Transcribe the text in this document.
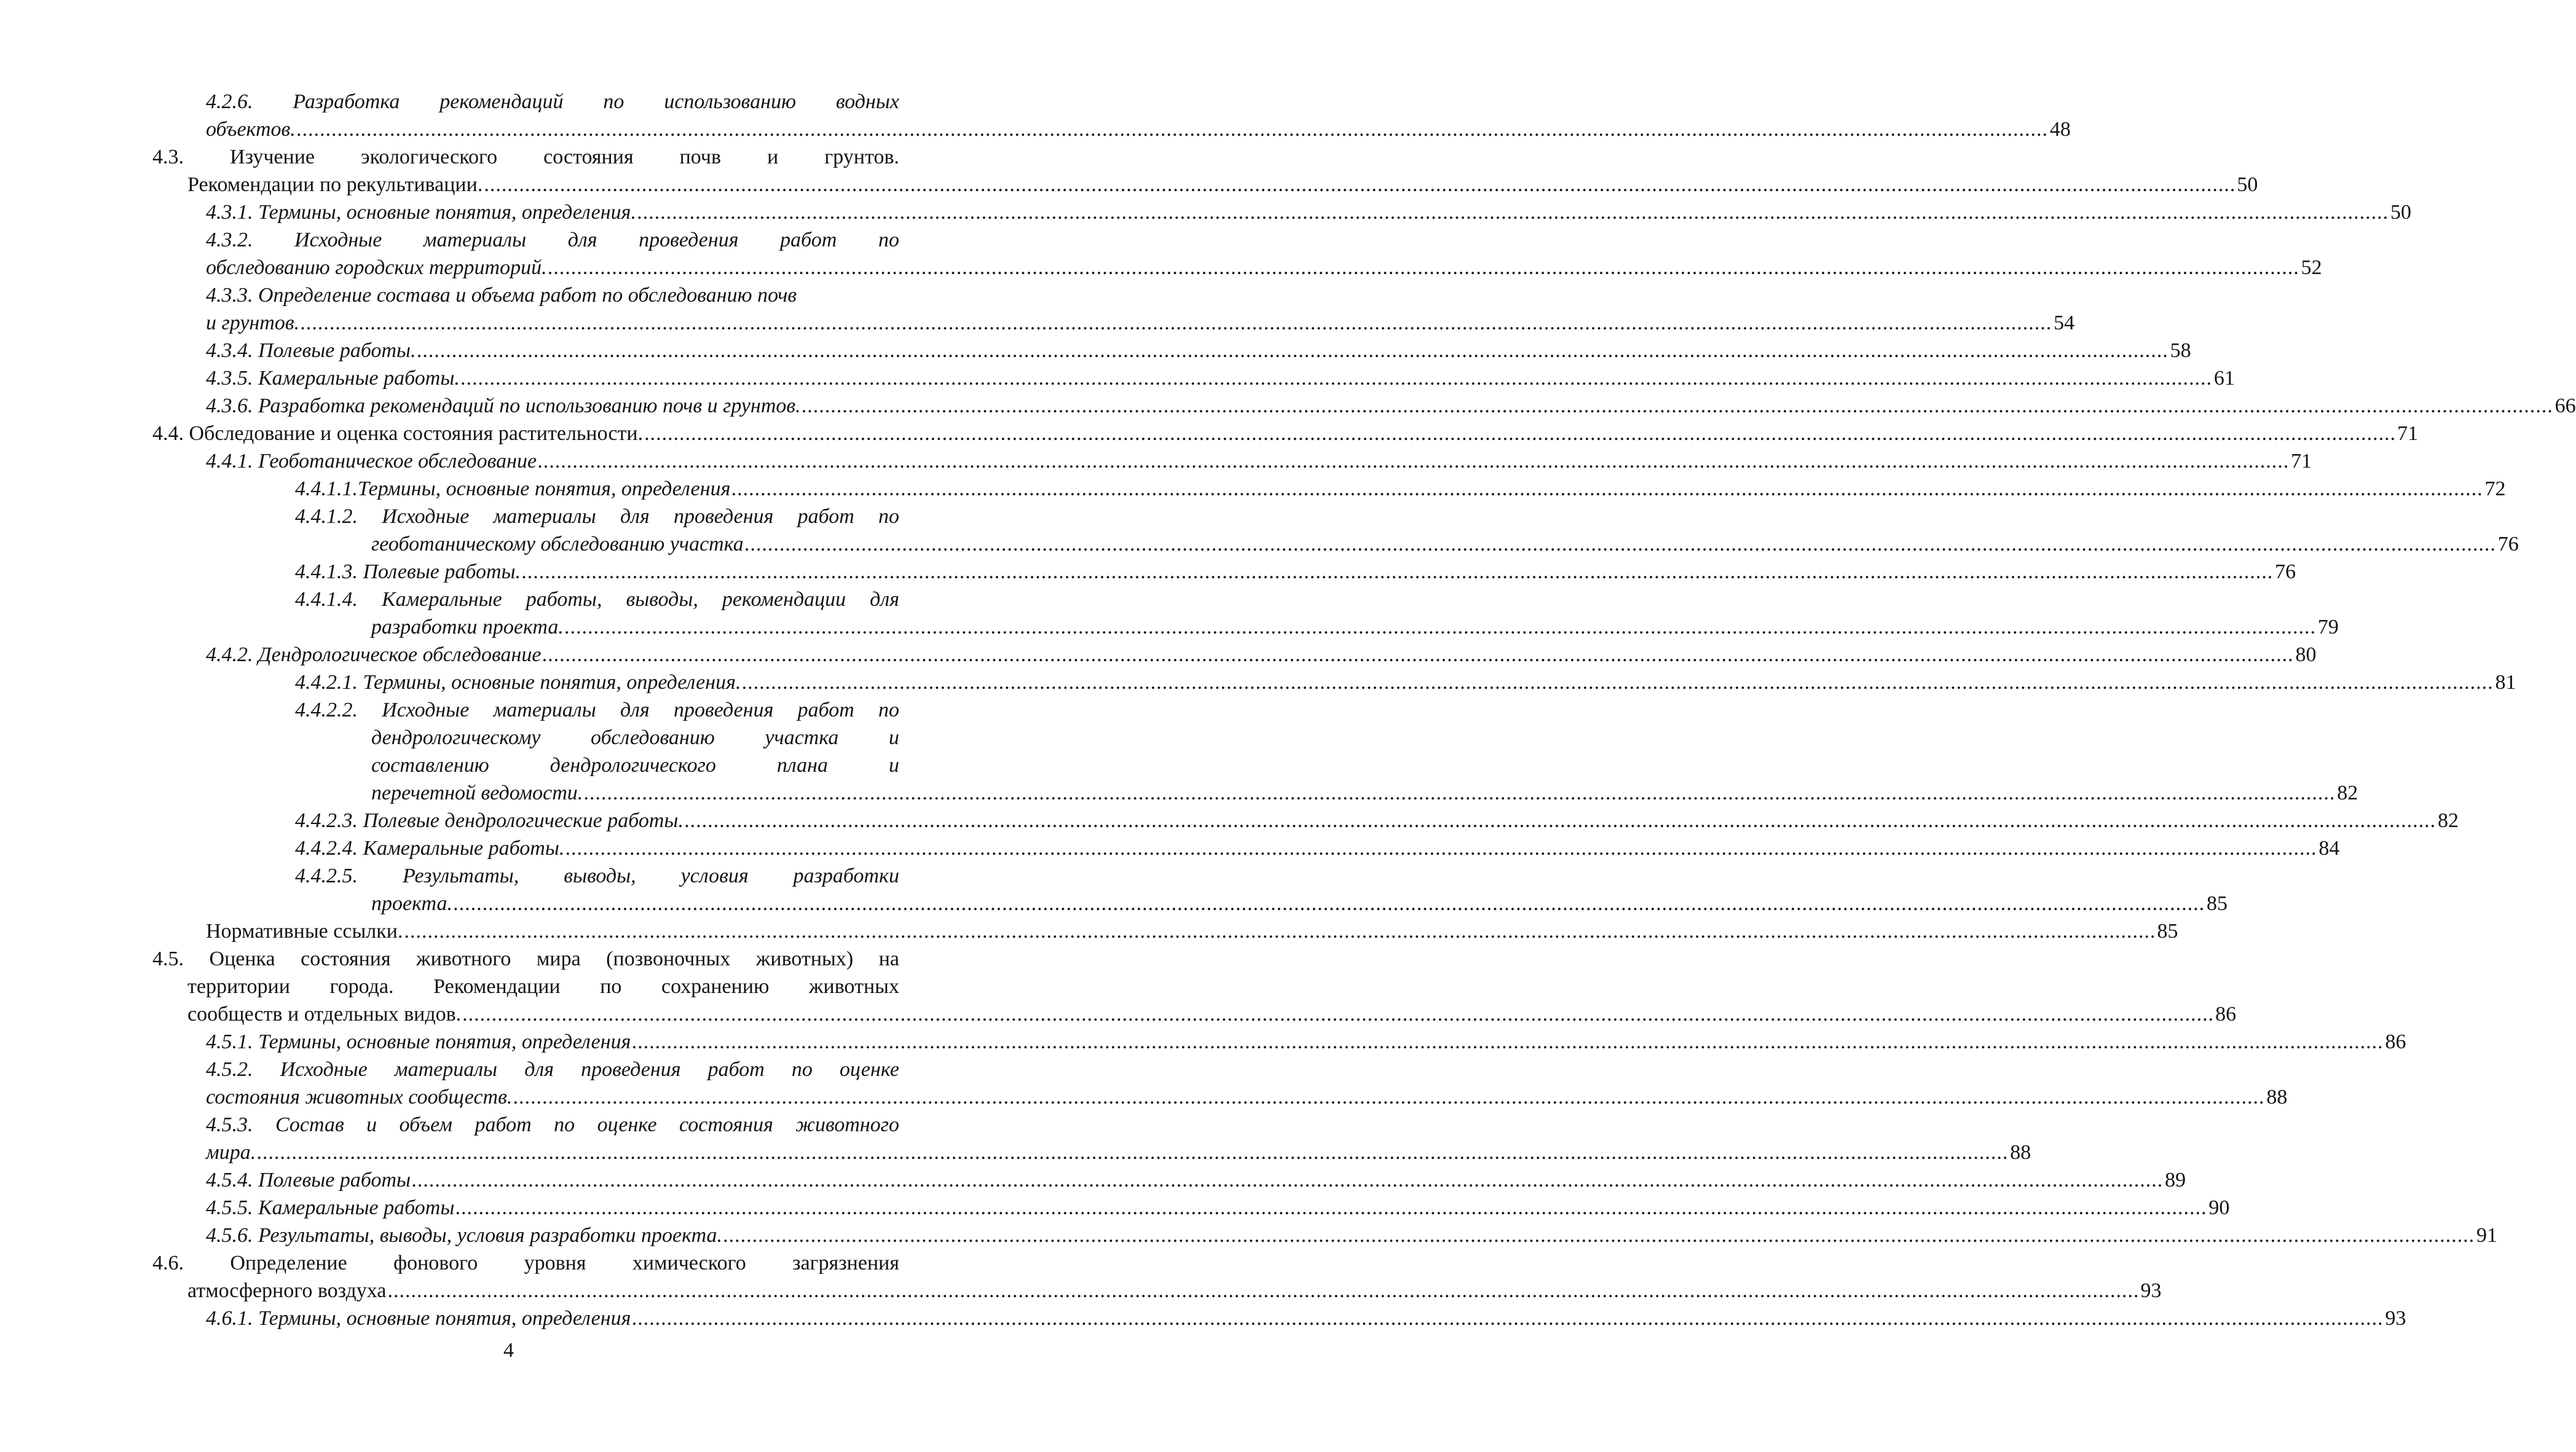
4.2.6. Разработка рекомендаций по использованию водных
объектов. ............................................................................................................................................................................................................................................................................................................ 48
4.3. Изучение экологического состояния почв и грунтов.
Рекомендации по рекультивации. ............................................................................................................................................................................................................................................................................................................ 50
4.3.1. Термины, основные понятия, определения. ............................................................................................................................................................................................................................................................................................................ 50
4.3.2. Исходные материалы для проведения работ по
обследованию городских территорий. ............................................................................................................................................................................................................................................................................................................ 52
4.3.3. Определение состава и объема работ по обследованию почв
и грунтов. ............................................................................................................................................................................................................................................................................................................ 54
4.3.4. Полевые работы. ............................................................................................................................................................................................................................................................................................................ 58
4.3.5. Камеральные работы. ............................................................................................................................................................................................................................................................................................................ 61
4.3.6. Разработка рекомендаций по использованию почв и грунтов. ............................................................................................................................................................................................................................................................................................................ 66
4.4. Обследование и оценка состояния растительности. ............................................................................................................................................................................................................................................................................................................ 71
4.4.1. Геоботаническое обследование ............................................................................................................................................................................................................................................................................................................ 71
4.4.1.1.Термины, основные понятия, определения ............................................................................................................................................................................................................................................................................................................ 72
4.4.1.2. Исходные материалы для проведения работ по
геоботаническому обследованию участка ............................................................................................................................................................................................................................................................................................................ 76
4.4.1.3. Полевые работы. ............................................................................................................................................................................................................................................................................................................ 76
4.4.1.4. Камеральные работы, выводы, рекомендации для
разработки проекта. ............................................................................................................................................................................................................................................................................................................ 79
4.4.2. Дендрологическое обследование ............................................................................................................................................................................................................................................................................................................ 80
4.4.2.1. Термины, основные понятия, определения. ............................................................................................................................................................................................................................................................................................................ 81
4.4.2.2. Исходные материалы для проведения работ по
дендрологическому обследованию участка и
составлению дендрологического плана и
перечетной ведомости. ............................................................................................................................................................................................................................................................................................................ 82
4.4.2.3. Полевые дендрологические работы. ............................................................................................................................................................................................................................................................................................................ 82
4.4.2.4. Камеральные работы. ............................................................................................................................................................................................................................................................................................................ 84
4.4.2.5. Результаты, выводы, условия разработки
проекта. ............................................................................................................................................................................................................................................................................................................ 85
Нормативные ссылки. ............................................................................................................................................................................................................................................................................................................ 85
4.5. Оценка состояния животного мира (позвоночных животных) на
территории города. Рекомендации по сохранению животных
сообществ и отдельных видов. ............................................................................................................................................................................................................................................................................................................ 86
4.5.1. Термины, основные понятия, определения ............................................................................................................................................................................................................................................................................................................ 86
4.5.2. Исходные материалы для проведения работ по оценке
состояния животных сообществ. ............................................................................................................................................................................................................................................................................................................ 88
4.5.3. Состав и объем работ по оценке состояния животного
мира. ............................................................................................................................................................................................................................................................................................................ 88
4.5.4. Полевые работы ............................................................................................................................................................................................................................................................................................................ 89
4.5.5. Камеральные работы ............................................................................................................................................................................................................................................................................................................ 90
4.5.6. Результаты, выводы, условия разработки проекта. ............................................................................................................................................................................................................................................................................................................ 91
4.6. Определение фонового уровня химического загрязнения
атмосферного воздуха ............................................................................................................................................................................................................................................................................................................ 93
4.6.1. Термины, основные понятия, определения ............................................................................................................................................................................................................................................................................................................ 93
4
